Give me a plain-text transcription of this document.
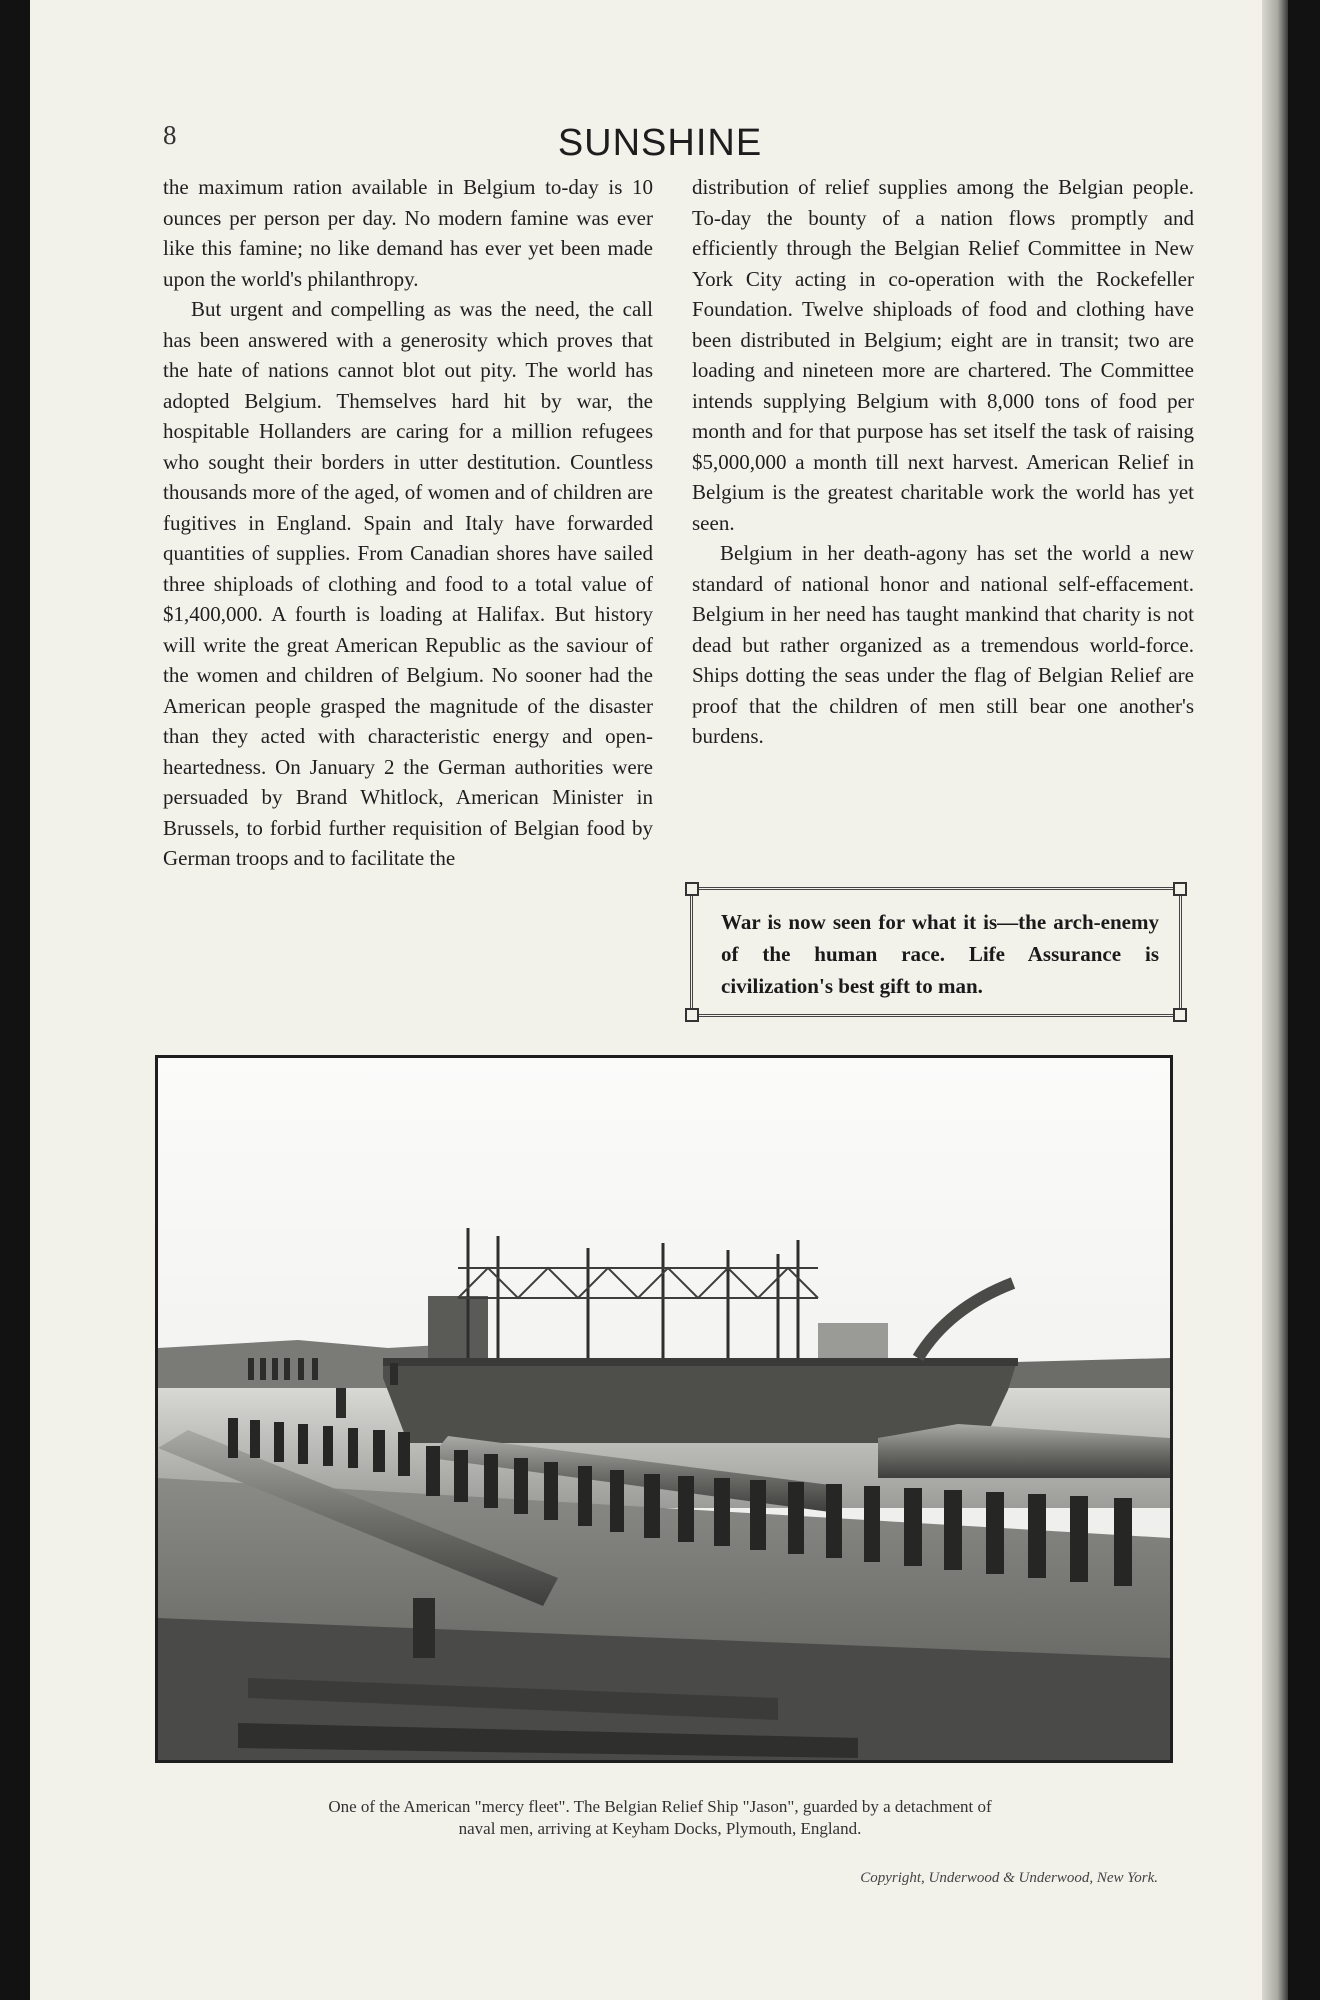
8	SUNSHINE

the maximum ration available in Belgium to-day is 10 ounces per person per day. No modern famine was ever like this famine; no like demand has ever yet been made upon the world's philanthropy.

But urgent and compelling as was the need, the call has been answered with a generosity which proves that the hate of nations cannot blot out pity. The world has adopted Belgium. Themselves hard hit by war, the hospitable Hollanders are caring for a million refugees who sought their borders in utter destitution. Countless thousands more of the aged, of women and of children are fugitives in England. Spain and Italy have forwarded quantities of supplies. From Canadian shores have sailed three shiploads of clothing and food to a total value of $1,400,000. A fourth is loading at Halifax. But history will write the great American Republic as the saviour of the women and children of Belgium. No sooner had the American people grasped the magnitude of the disaster than they acted with characteristic energy and open-heartedness. On January 2 the German authorities were persuaded by Brand Whitlock, American Minister in Brussels, to forbid further requisition of Belgian food by German troops and to facilitate the

distribution of relief supplies among the Belgian people. To-day the bounty of a nation flows promptly and efficiently through the Belgian Relief Committee in New York City acting in co-operation with the Rockefeller Foundation. Twelve shiploads of food and clothing have been distributed in Belgium; eight are in transit; two are loading and nineteen more are chartered. The Committee intends supplying Belgium with 8,000 tons of food per month and for that purpose has set itself the task of raising $5,000,000 a month till next harvest. American Relief in Belgium is the greatest charitable work the world has yet seen.

Belgium in her death-agony has set the world a new standard of national honor and national self-effacement. Belgium in her need has taught mankind that charity is not dead but rather organized as a tremendous world-force. Ships dotting the seas under the flag of Belgian Relief are proof that the children of men still bear one another's burdens.

War is now seen for what it is—the arch-enemy of the human race. Life Assurance is civilization's best gift to man.
One of the American "mercy fleet". The Belgian Relief Ship "Jason", guarded by a detachment of
naval men, arriving at Keyham Docks, Plymouth, England.
Copyright, Underwood & Underwood, New York.
